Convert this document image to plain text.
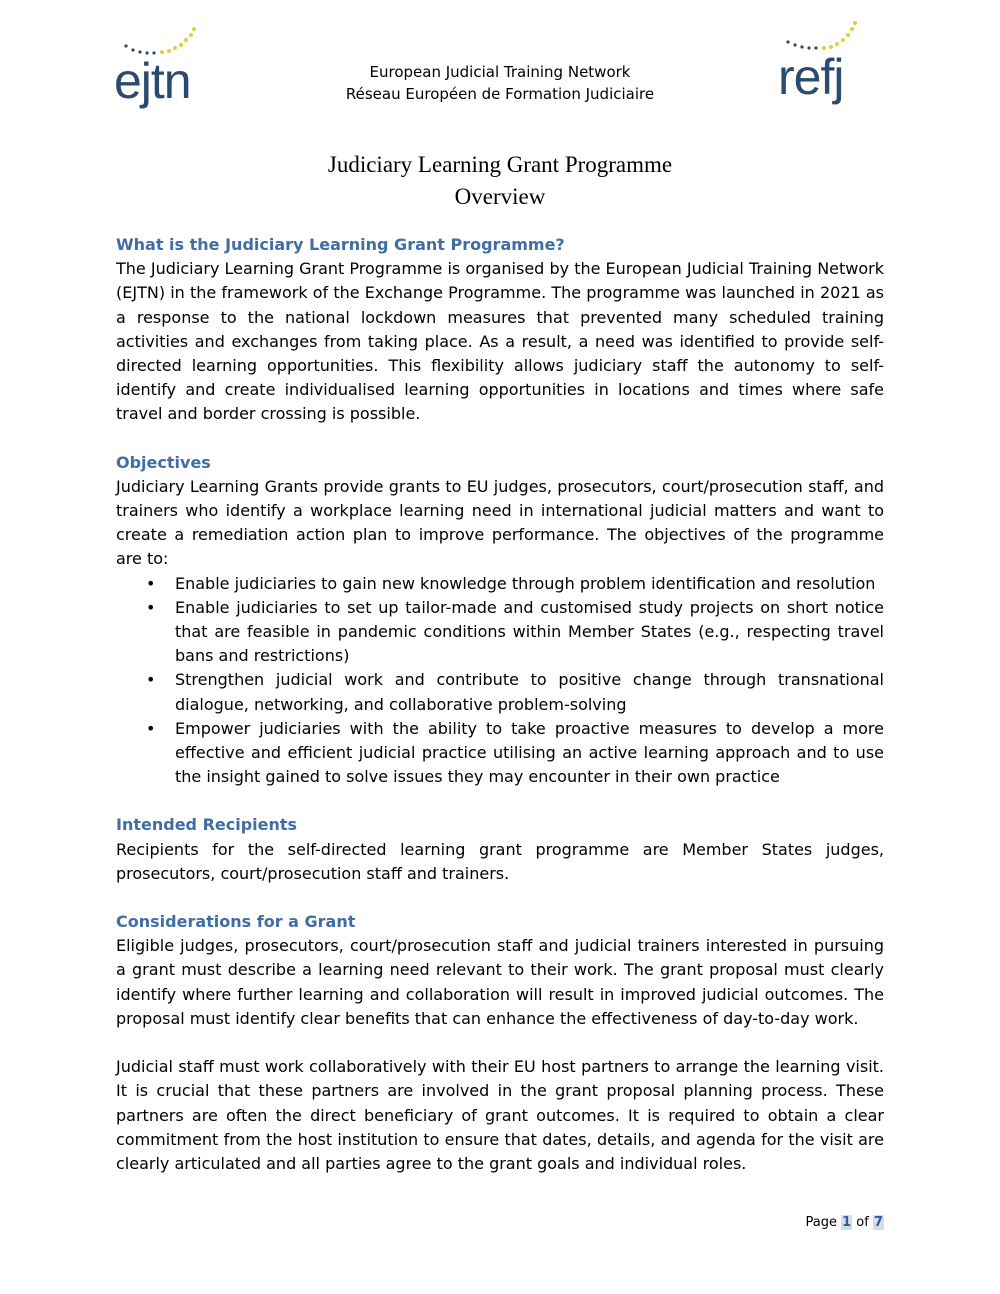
ejtn	European Judicial Training Network
Réseau Européen de Formation Judiciaire	refj
Judiciary Learning Grant Programme
Overview
What is the Judiciary Learning Grant Programme?

The Judiciary Learning Grant Programme is organised by the European Judicial Training Network (EJTN) in the framework of the Exchange Programme. The programme was launched in 2021 as a response to the national lockdown measures that prevented many scheduled training activities and exchanges from taking place. As a result, a need was identified to provide self-directed learning opportunities. This flexibility allows judiciary staff the autonomy to self-identify and create individualised learning opportunities in locations and times where safe travel and border crossing is possible.

Objectives

Judiciary Learning Grants provide grants to EU judges, prosecutors, court/prosecution staff, and trainers who identify a workplace learning need in international judicial matters and want to create a remediation action plan to improve performance. The objectives of the programme are to:

• Enable judiciaries to gain new knowledge through problem identification and resolution
• Enable judiciaries to set up tailor-made and customised study projects on short notice that are feasible in pandemic conditions within Member States (e.g., respecting travel bans and restrictions)
• Strengthen judicial work and contribute to positive change through transnational dialogue, networking, and collaborative problem-solving
• Empower judiciaries with the ability to take proactive measures to develop a more effective and efficient judicial practice utilising an active learning approach and to use the insight gained to solve issues they may encounter in their own practice
Intended Recipients

Recipients for the self-directed learning grant programme are Member States judges, prosecutors, court/prosecution staff and trainers.

Considerations for a Grant

Eligible judges, prosecutors, court/prosecution staff and judicial trainers interested in pursuing a grant must describe a learning need relevant to their work. The grant proposal must clearly identify where further learning and collaboration will result in improved judicial outcomes. The proposal must identify clear benefits that can enhance the effectiveness of day-to-day work.

Judicial staff must work collaboratively with their EU host partners to arrange the learning visit. It is crucial that these partners are involved in the grant proposal planning process. These partners are often the direct beneficiary of grant outcomes. It is required to obtain a clear commitment from the host institution to ensure that dates, details, and agenda for the visit are clearly articulated and all parties agree to the grant goals and individual roles.

Page 1 of 7
